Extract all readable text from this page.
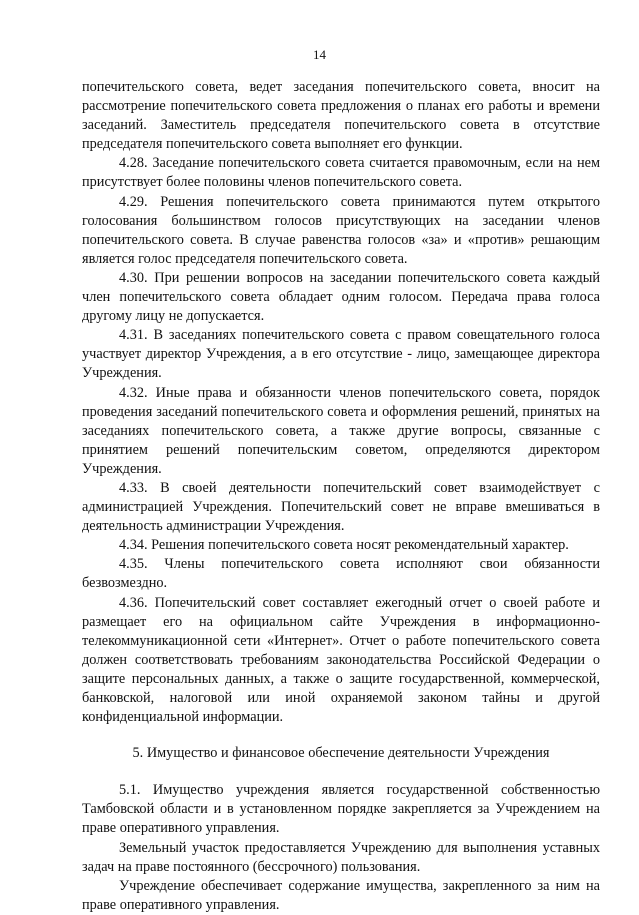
14

попечительского совета, ведет заседания попечительского совета, вносит на рассмотрение попечительского совета предложения о планах его работы и времени заседаний. Заместитель председателя попечительского совета в отсутствие председателя попечительского совета выполняет его функции.

4.28. Заседание попечительского совета считается правомочным, если на нем присутствует более половины членов попечительского совета.

4.29. Решения попечительского совета принимаются путем открытого голосования большинством голосов присутствующих на заседании членов попечительского совета. В случае равенства голосов «за» и «против» решающим является голос председателя попечительского совета.

4.30. При решении вопросов на заседании попечительского совета каждый член попечительского совета обладает одним голосом. Передача права голоса другому лицу не допускается.

4.31. В заседаниях попечительского совета с правом совещательного голоса участвует директор Учреждения, а в его отсутствие - лицо, замещающее директора Учреждения.

4.32. Иные права и обязанности членов попечительского совета, порядок проведения заседаний попечительского совета и оформления решений, принятых на заседаниях попечительского совета, а также другие вопросы, связанные с принятием решений попечительским советом, определяются директором Учреждения.

4.33. В своей деятельности попечительский совет взаимодействует с администрацией Учреждения. Попечительский совет не вправе вмешиваться в деятельность администрации Учреждения.

4.34. Решения попечительского совета носят рекомендательный характер.

4.35. Члены попечительского совета исполняют свои обязанности безвозмездно.

4.36. Попечительский совет составляет ежегодный отчет о своей работе и размещает его на официальном сайте Учреждения в информационно-телекоммуникационной сети «Интернет». Отчет о работе попечительского совета должен соответствовать требованиям законодательства Российской Федерации о защите персональных данных, а также о защите государственной, коммерческой, банковской, налоговой или иной охраняемой законом тайны и другой конфиденциальной информации.

5. Имущество и финансовое обеспечение деятельности Учреждения

5.1. Имущество учреждения является государственной собственностью Тамбовской области и в установленном порядке закрепляется за Учреждением на праве оперативного управления.

Земельный участок предоставляется Учреждению для выполнения уставных задач на праве постоянного (бессрочного) пользования.

Учреждение обеспечивает содержание имущества, закрепленного за ним на праве оперативного управления.
